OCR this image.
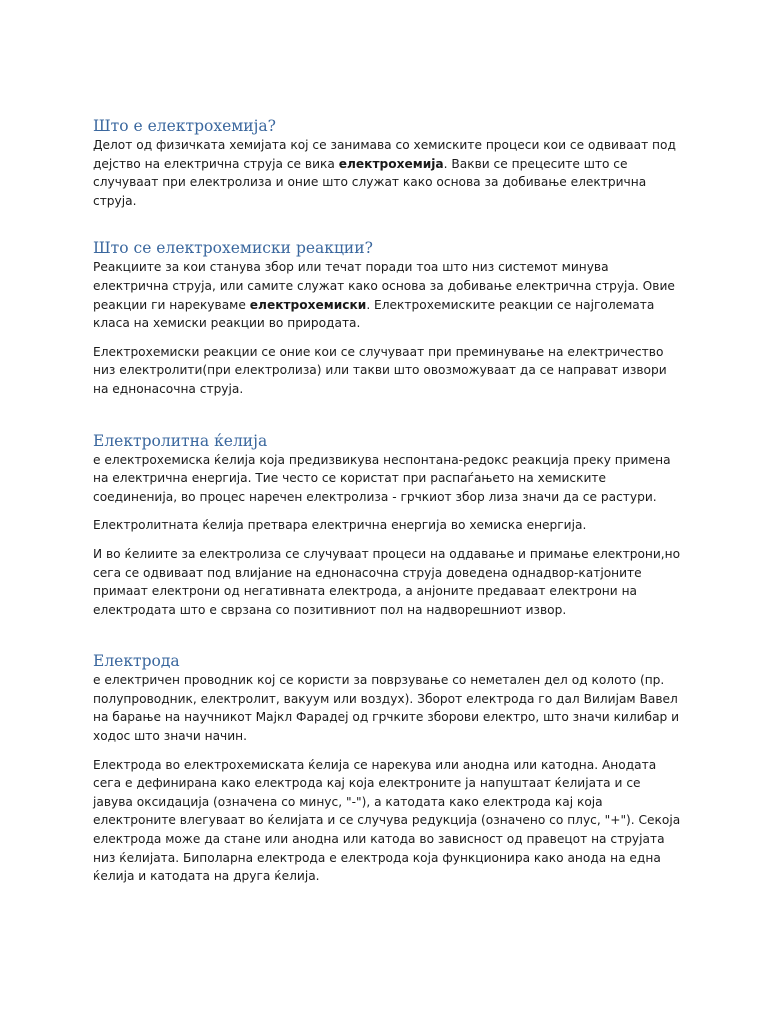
Што е електрохемија?

Делот од физичката хемијата кој се занимава со хемиските процеси кои се одвиваат под дејство на електрична струја се вика електрохемија. Вакви се прецесите што се случуваат при електролиза и оние што служат како основа за добивање електрична струја.

Што се електрохемиски реакции?

Реакциите за кои станува збор или течат поради тоа што низ системот минува електрична струја, или самите служат како основа за добивање електрична струја. Овие реакции ги нарекуваме електрохемиски. Електрохемиските реакции се најголемата класа на хемиски реакции во природата.

Електрохемиски реакции се оние кои се случуваат при преминување на електричество низ електролити(при електролиза) или такви што овозможуваат да се направат извори на еднонасочна струја.

Електролитна ќелија

е електрохемиска ќелија која предизвикува неспонтана-редокс реакција преку примена на електрична енергија. Тие често се користат при распаѓањето на хемиските соединенија, во процес наречен електролиза - грчкиот збор лиза значи да се растури.

Електролитната ќелија претвара електрична енергија во хемиска енергија.

И во ќелиите за електролиза се случуваат процеси на оддавање и примање електрони,но сега се одвиваат под влијание на еднонасочна струја доведена однадвор-катјоните примаат електрони од негативната електрода, а анјоните предаваат електрони на електродата што е сврзана со позитивниот пол на надворешниот извор.

Електрода

е електричен проводник кој се користи за поврзување со неметален дел од колото (пр. полупроводник, електролит, вакуум или воздух). Зборот електрода го дал Вилијам Вавел на барање на научникот Мајкл Фарадеј од грчките зборови електро, што значи килибар и ходос што значи начин.

Електрода во електрохемиската ќелија се нарекува или анодна или катодна. Анодата сега е дефинирана како електрода кај која електроните ја напуштаат ќелијата и се јавува оксидација (означена со минус, "-"), а катодата како електрода кај која електроните влегуваат во ќелијата и се случува редукција (означено со плус, "+"). Секоја електрода може да стане или анодна или катода во зависност од правецот на струјата низ ќелијата. Биполарна електрода е електрода која функционира како анода на една ќелија и катодата на друга ќелија.
